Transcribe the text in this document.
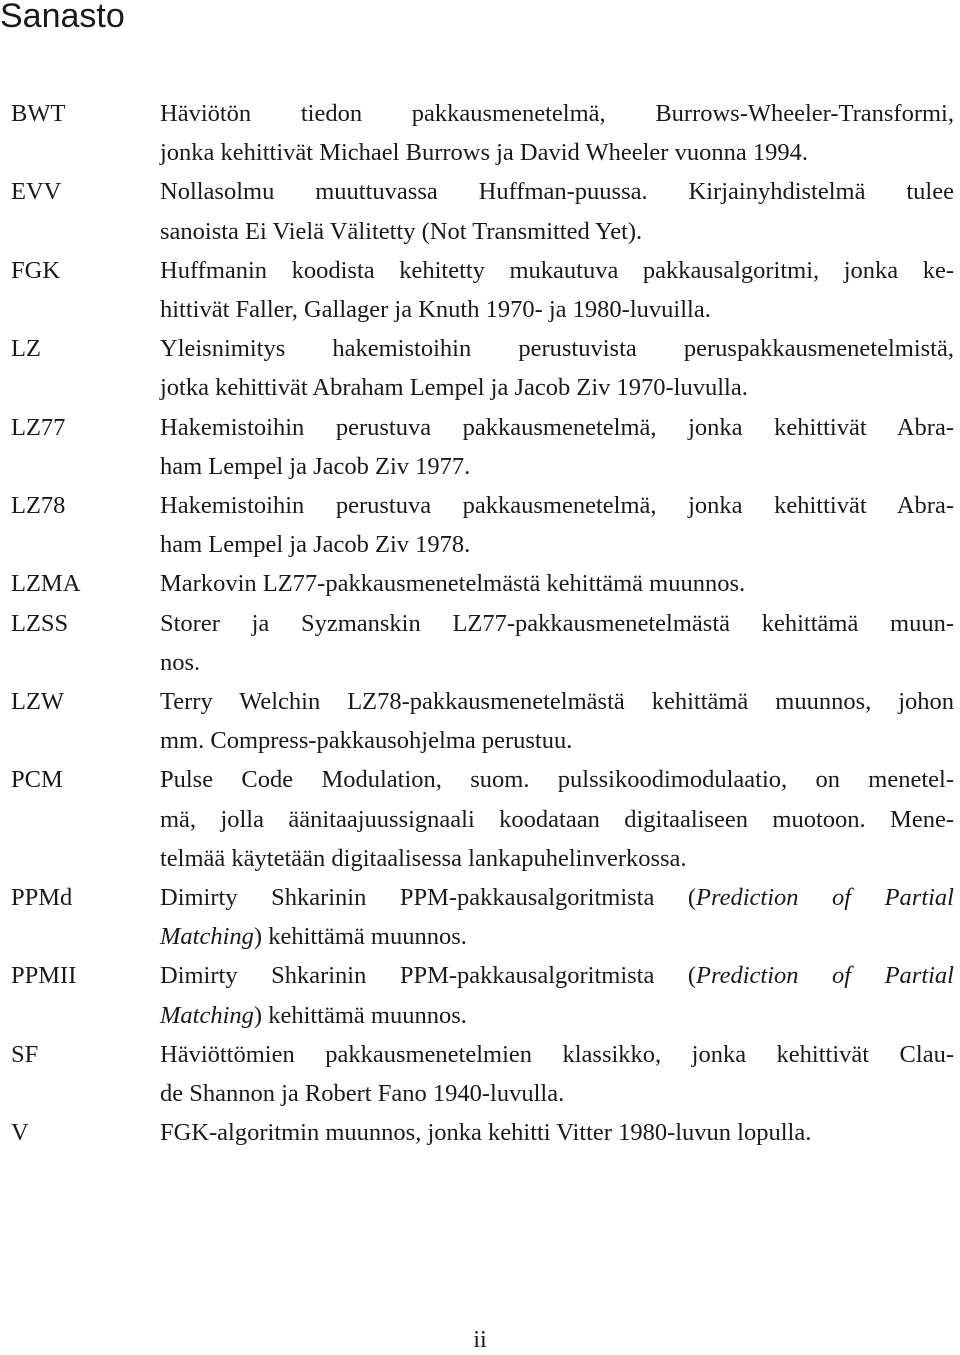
Sanasto
BWT	Häviötön tiedon pakkausmenetelmä, Burrows-Wheeler-Transformi,
jonka kehittivät Michael Burrows ja David Wheeler vuonna 1994.
EVV	Nollasolmu muuttuvassa Huffman-puussa. Kirjainyhdistelmä tulee
sanoista Ei Vielä Välitetty (Not Transmitted Yet).
FGK	Huffmanin koodista kehitetty mukautuva pakkausalgoritmi, jonka ke-
hittivät Faller, Gallager ja Knuth 1970- ja 1980-luvuilla.
LZ	Yleisnimitys hakemistoihin perustuvista peruspakkausmenetelmistä,
jotka kehittivät Abraham Lempel ja Jacob Ziv 1970-luvulla.
LZ77	Hakemistoihin perustuva pakkausmenetelmä, jonka kehittivät Abra-
ham Lempel ja Jacob Ziv 1977.
LZ78	Hakemistoihin perustuva pakkausmenetelmä, jonka kehittivät Abra-
ham Lempel ja Jacob Ziv 1978.
LZMA	Markovin LZ77-pakkausmenetelmästä kehittämä muunnos.
LZSS	Storer ja Syzmanskin LZ77-pakkausmenetelmästä kehittämä muun-
nos.
LZW	Terry Welchin LZ78-pakkausmenetelmästä kehittämä muunnos, johon
mm. Compress-pakkausohjelma perustuu.
PCM	Pulse Code Modulation, suom. pulssikoodimodulaatio, on menetel-
mä, jolla äänitaajuussignaali koodataan digitaaliseen muotoon. Mene-
telmää käytetään digitaalisessa lankapuhelinverkossa.
PPMd	Dimirty Shkarinin PPM-pakkausalgoritmista (Prediction of Partial
Matching) kehittämä muunnos.
PPMII	Dimirty Shkarinin PPM-pakkausalgoritmista (Prediction of Partial
Matching) kehittämä muunnos.
SF	Häviöttömien pakkausmenetelmien klassikko, jonka kehittivät Clau-
de Shannon ja Robert Fano 1940-luvulla.
V	FGK-algoritmin muunnos, jonka kehitti Vitter 1980-luvun lopulla.
ii
